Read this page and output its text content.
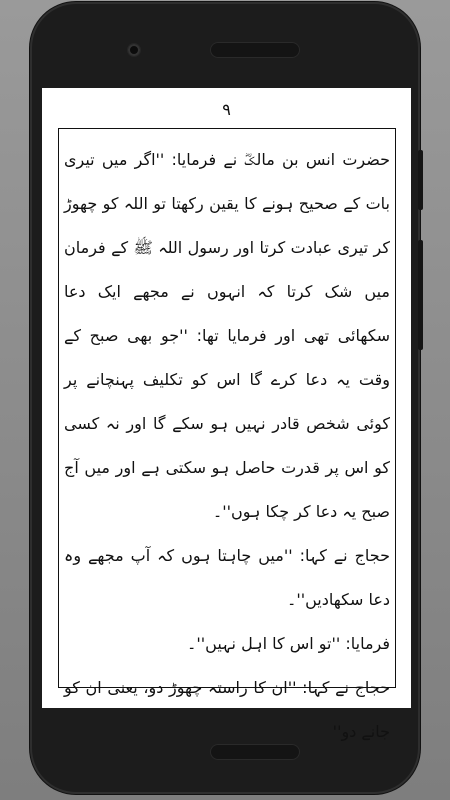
۹

حضرت انس بن مالکؓ نے فرمایا: ''اگر میں تیری بات کے صحیح ہونے کا یقین رکھتا تو اللہ کو چھوڑ کر تیری عبادت کرتا اور رسول اللہ ﷺ کے فرمان میں شک کرتا کہ انہوں نے مجھے ایک دعا سکھائی تھی اور فرمایا تھا: ''جو بھی صبح کے وقت یہ دعا کرے گا اس کو تکلیف پہنچانے پر کوئی شخص قادر نہیں ہو سکے گا اور نہ کسی کو اس پر قدرت حاصل ہو سکتی ہے اور میں آج صبح یہ دعا کر چکا ہوں''۔

حجاج نے کہا: ''میں چاہتا ہوں کہ آپ مجھے وہ دعا سکھادیں''۔

فرمایا: ''تو اس کا اہل نہیں''۔

حجاج نے کہا: ''ان کا راستہ چھوڑ دو، یعنی ان کو جانے دو''
